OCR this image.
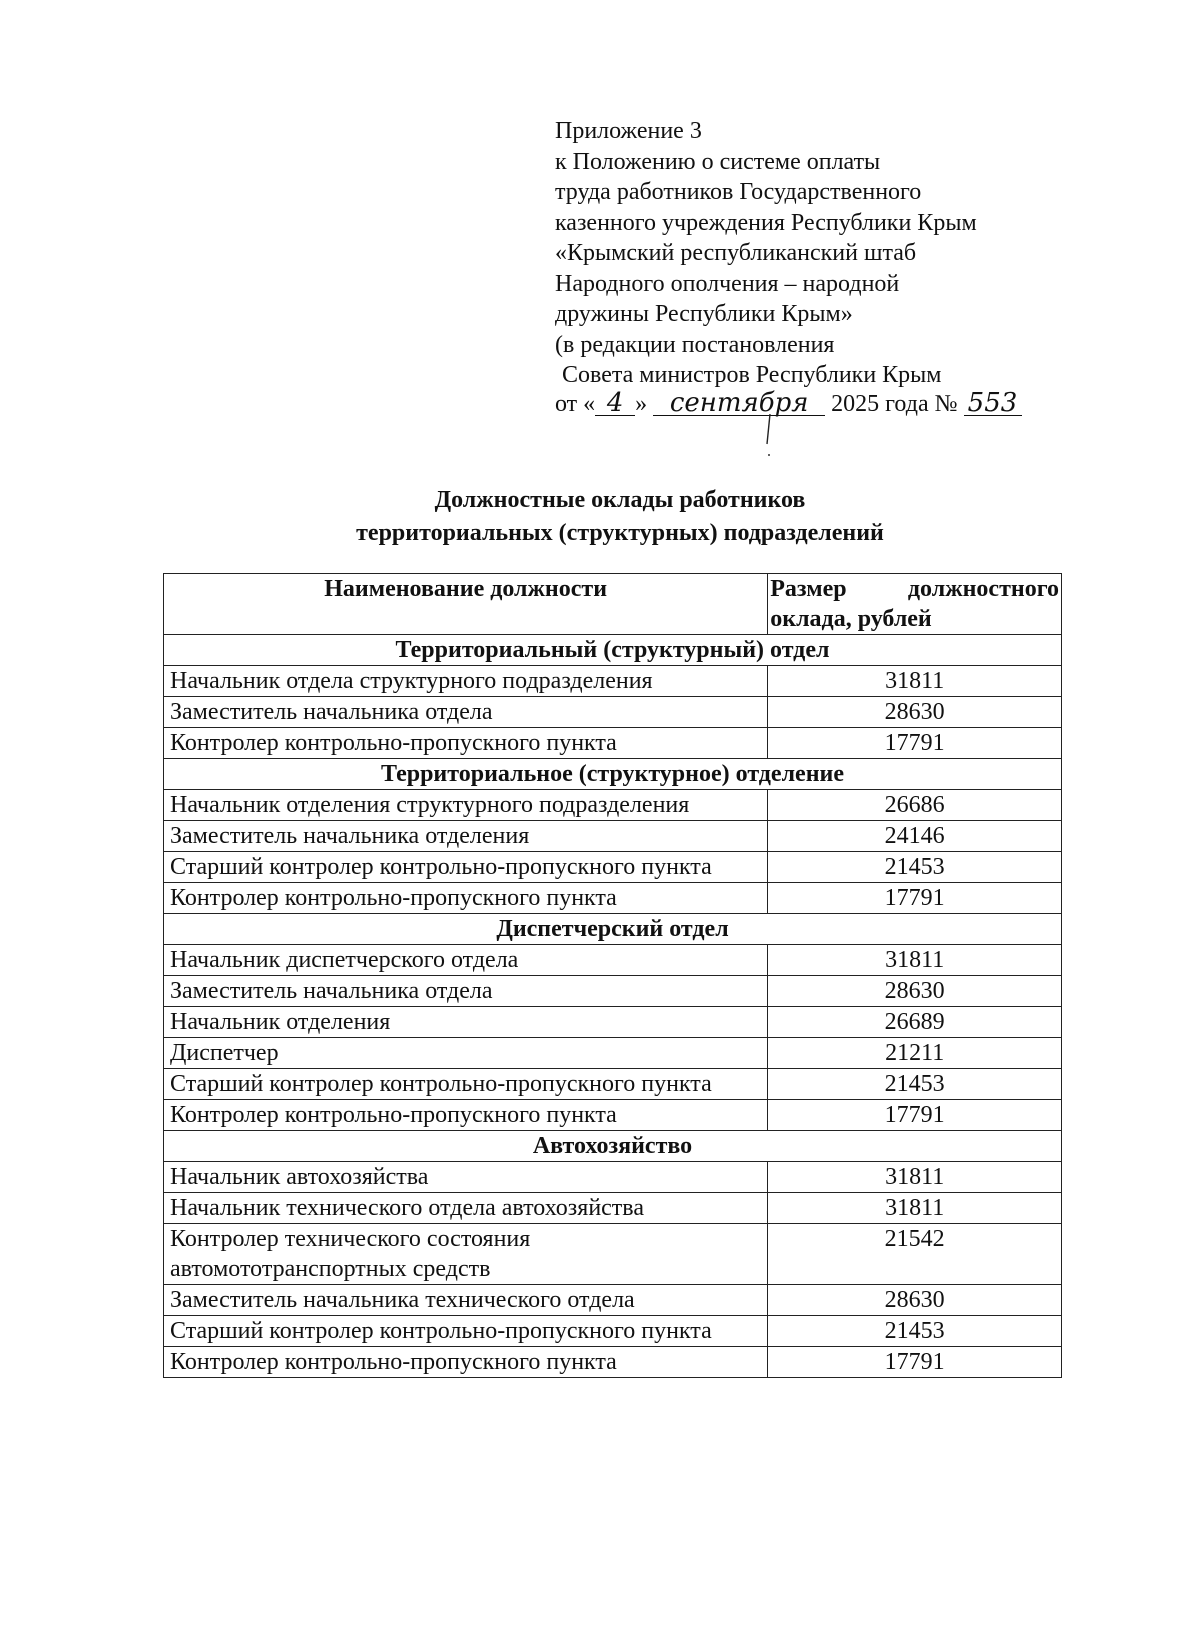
Приложение 3
к Положению о системе оплаты
труда работников Государственного
казенного учреждения Республики Крым
«Крымский республиканский штаб
Народного ополчения – народной
дружины Республики Крым»
(в редакции постановления
Совета министров Республики Крым
от « 4 » сентября 2025 года № 553
Должностные оклады работников
территориальных (структурных) подразделений
Наименование должности	Размер должностного
оклада, рублей

Территориальный (структурный) отдел	
Начальник отдела структурного подразделения	31811
Заместитель начальника отдела	28630
Контролер контрольно-пропускного пункта	17791
Территориальное (структурное) отделение	
Начальник отделения структурного подразделения	26686
Заместитель начальника отделения	24146
Старший контролер контрольно-пропускного пункта	21453
Контролер контрольно-пропускного пункта	17791
Диспетчерский отдел	
Начальник диспетчерского отдела	31811
Заместитель начальника отдела	28630
Начальник отделения	26689
Диспетчер	21211
Старший контролер контрольно-пропускного пункта	21453
Контролер контрольно-пропускного пункта	17791
Автохозяйство	
Начальник автохозяйства	31811
Начальник технического отдела автохозяйства	31811
Контролер технического состояния автомототранспортных средств	21542
Заместитель начальника технического отдела	28630
Старший контролер контрольно-пропускного пункта	21453
Контролер контрольно-пропускного пункта	17791
